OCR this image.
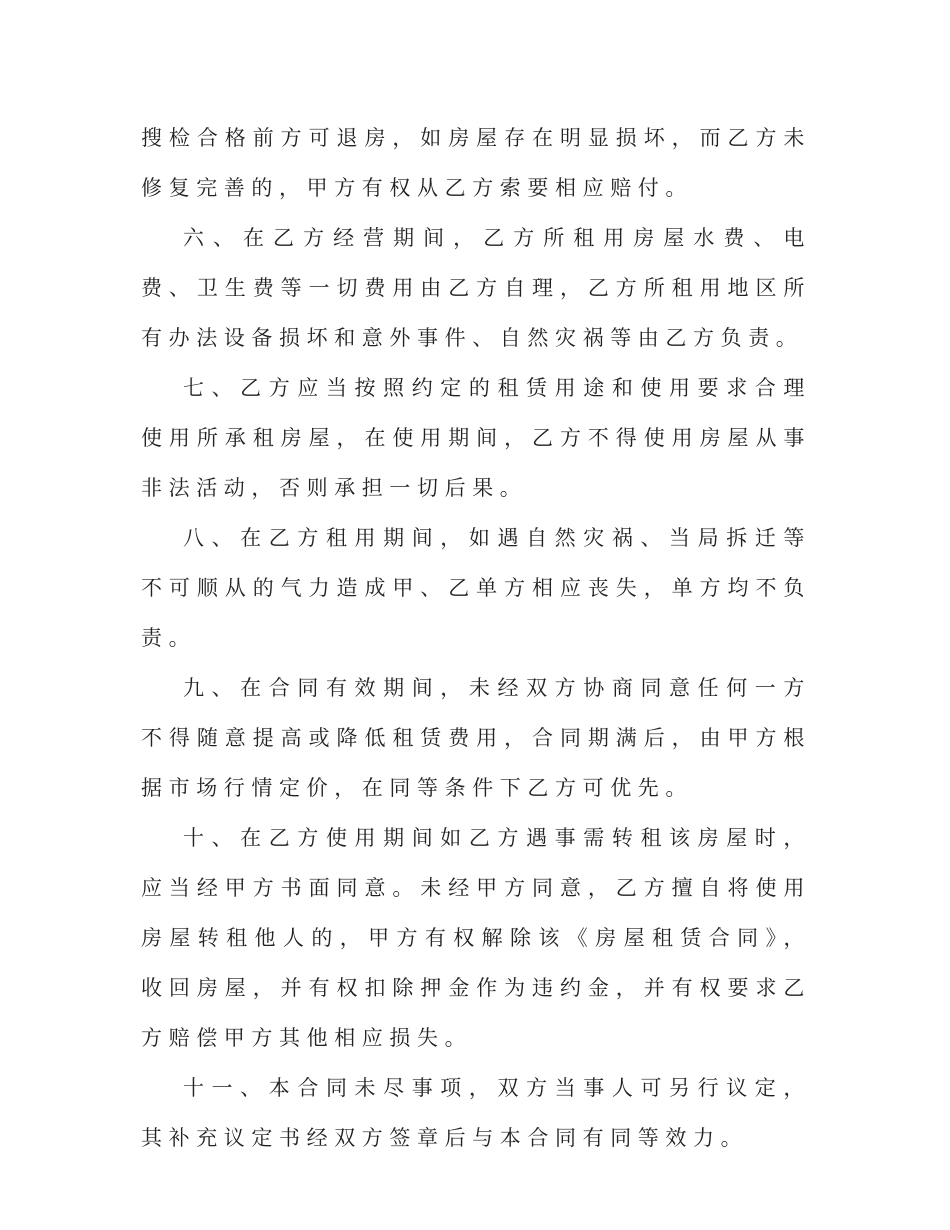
搜检合格前方可退房，如房屋存在明显损坏，而乙方未修复完善的，甲方有权从乙方索要相应赔付。

六、在乙方经营期间，乙方所租用房屋水费、电费、卫生费等一切费用由乙方自理，乙方所租用地区所有办法设备损坏和意外事件、自然灾祸等由乙方负责。

七、乙方应当按照约定的租赁用途和使用要求合理使用所承租房屋，在使用期间，乙方不得使用房屋从事非法活动，否则承担一切后果。

八、在乙方租用期间，如遇自然灾祸、当局拆迁等不可顺从的气力造成甲、乙单方相应丧失，单方均不负责。

九、在合同有效期间，未经双方协商同意任何一方不得随意提高或降低租赁费用，合同期满后，由甲方根据市场行情定价，在同等条件下乙方可优先。

十、在乙方使用期间如乙方遇事需转租该房屋时，应当经甲方书面同意。未经甲方同意，乙方擅自将使用房屋转租他人的，甲方有权解除该《房屋租赁合同》，收回房屋，并有权扣除押金作为违约金，并有权要求乙方赔偿甲方其他相应损失。

十一、本合同未尽事项，双方当事人可另行议定，其补充议定书经双方签章后与本合同有同等效力。
